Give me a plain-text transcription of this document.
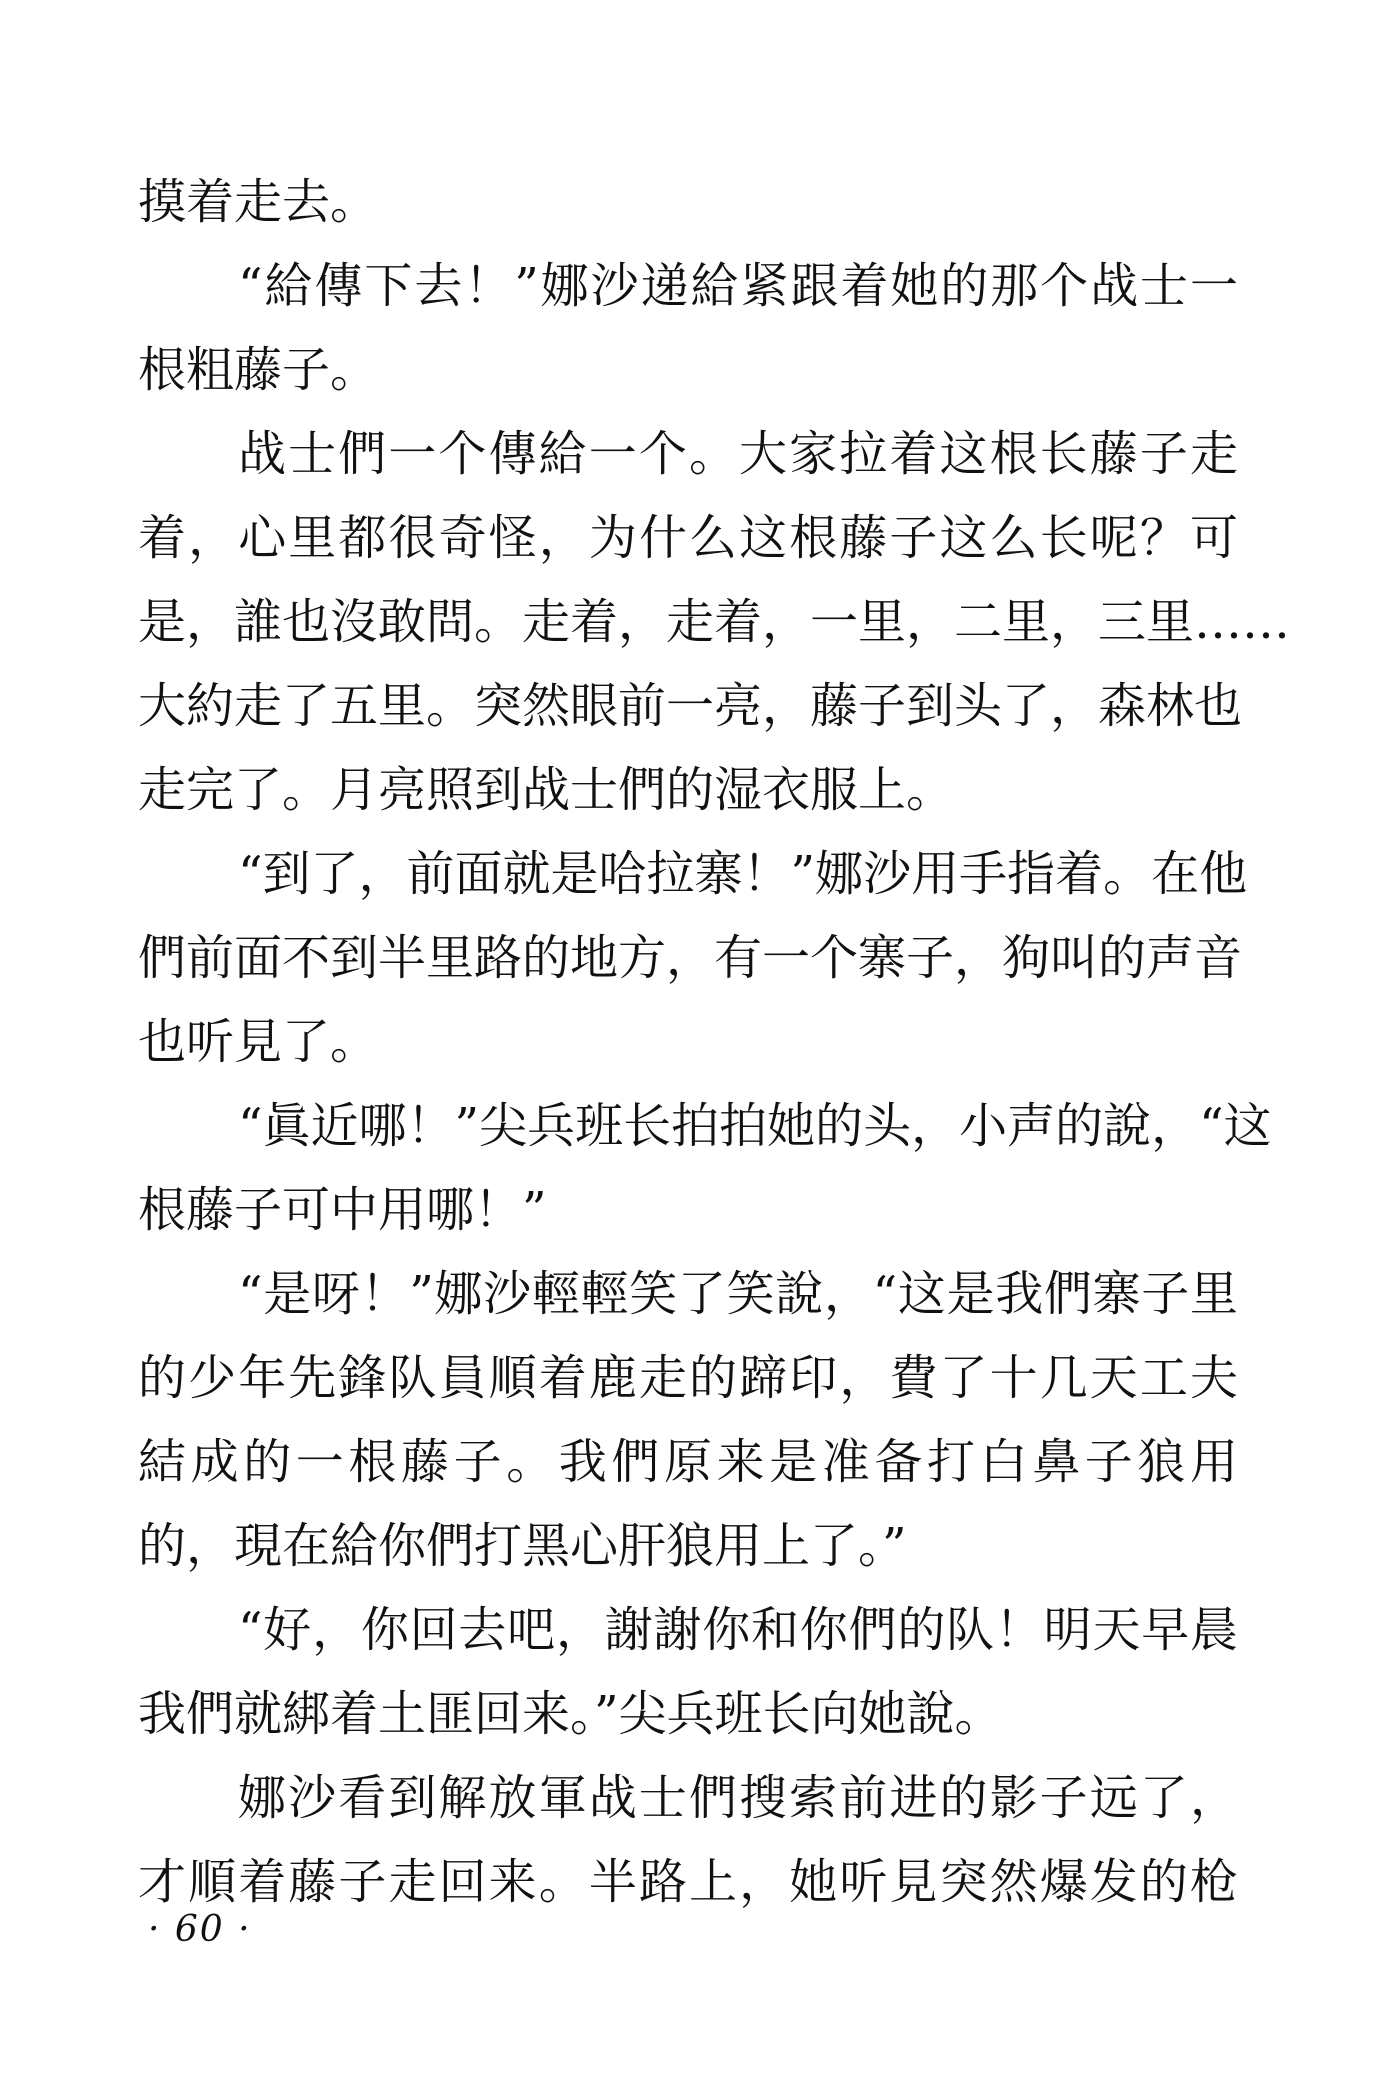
摸着走去。
“給傳下去！”娜沙递給紧跟着她的那个战士一
根粗藤子。
战士們一个傳給一个。大家拉着这根长藤子走
着，心里都很奇怪，为什么这根藤子这么长呢？可
是，誰也沒敢問。走着，走着，一里，二里，三里……
大約走了五里。突然眼前一亮，藤子到头了，森林也
走完了。月亮照到战士們的湿衣服上。
“到了，前面就是哈拉寨！”娜沙用手指着。在他
們前面不到半里路的地方，有一个寨子，狗叫的声音
也听見了。
“眞近哪！”尖兵班长拍拍她的头，小声的說，“这
根藤子可中用哪！”
“是呀！”娜沙輕輕笑了笑說，“这是我們寨子里
的少年先鋒队員順着鹿走的蹄印，費了十几天工夫
結成的一根藤子。我們原来是准备打白鼻子狼用
的，現在給你們打黑心肝狼用上了。”
“好，你回去吧，謝謝你和你們的队！明天早晨
我們就綁着土匪回来。”尖兵班长向她說。
娜沙看到解放軍战士們搜索前进的影子远了，
才順着藤子走回来。半路上，她听見突然爆发的枪
· 60 ·
